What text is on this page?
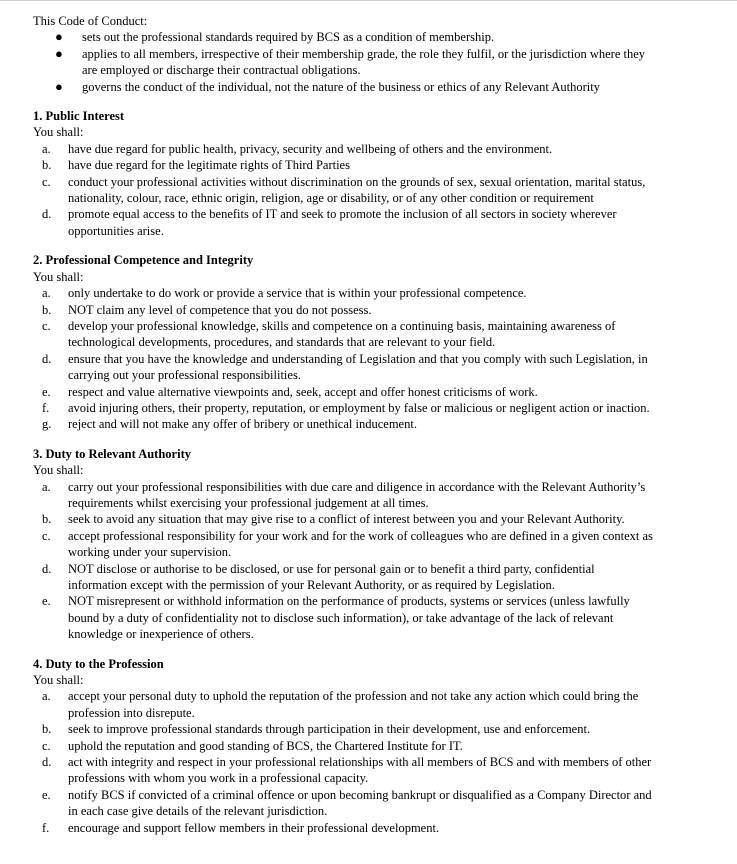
This Code of Conduct:
● sets out the professional standards required by BCS as a condition of membership.
● applies to all members, irrespective of their membership grade, the role they fulfil, or the jurisdiction where they
are employed or discharge their contractual obligations.
● governs the conduct of the individual, not the nature of the business or ethics of any Relevant Authority
1. Public Interest
You shall:
a.	have due regard for public health, privacy, security and wellbeing of others and the environment.
b.	have due regard for the legitimate rights of Third Parties
c.	conduct your professional activities without discrimination on the grounds of sex, sexual orientation, marital status,
nationality, colour, race, ethnic origin, religion, age or disability, or of any other condition or requirement
d.	promote equal access to the benefits of IT and seek to promote the inclusion of all sectors in society wherever
opportunities arise.
2. Professional Competence and Integrity
You shall:
a.	only undertake to do work or provide a service that is within your professional competence.
b.	NOT claim any level of competence that you do not possess.
c.	develop your professional knowledge, skills and competence on a continuing basis, maintaining awareness of
technological developments, procedures, and standards that are relevant to your field.
d.	ensure that you have the knowledge and understanding of Legislation and that you comply with such Legislation, in
carrying out your professional responsibilities.
e.	respect and value alternative viewpoints and, seek, accept and offer honest criticisms of work.
f.	avoid injuring others, their property, reputation, or employment by false or malicious or negligent action or inaction.
g.	reject and will not make any offer of bribery or unethical inducement.
3. Duty to Relevant Authority
You shall:
a.	carry out your professional responsibilities with due care and diligence in accordance with the Relevant Authority’s
requirements whilst exercising your professional judgement at all times.
b.	seek to avoid any situation that may give rise to a conflict of interest between you and your Relevant Authority.
c.	accept professional responsibility for your work and for the work of colleagues who are defined in a given context as
working under your supervision.
d.	NOT disclose or authorise to be disclosed, or use for personal gain or to benefit a third party, confidential
information except with the permission of your Relevant Authority, or as required by Legislation.
e.	NOT misrepresent or withhold information on the performance of products, systems or services (unless lawfully
bound by a duty of confidentiality not to disclose such information), or take advantage of the lack of relevant
knowledge or inexperience of others.
4. Duty to the Profession
You shall:
a.	accept your personal duty to uphold the reputation of the profession and not take any action which could bring the
profession into disrepute.
b.	seek to improve professional standards through participation in their development, use and enforcement.
c.	uphold the reputation and good standing of BCS, the Chartered Institute for IT.
d.	act with integrity and respect in your professional relationships with all members of BCS and with members of other
professions with whom you work in a professional capacity.
e.	notify BCS if convicted of a criminal offence or upon becoming bankrupt or disqualified as a Company Director and
in each case give details of the relevant jurisdiction.
f.	encourage and support fellow members in their professional development.
